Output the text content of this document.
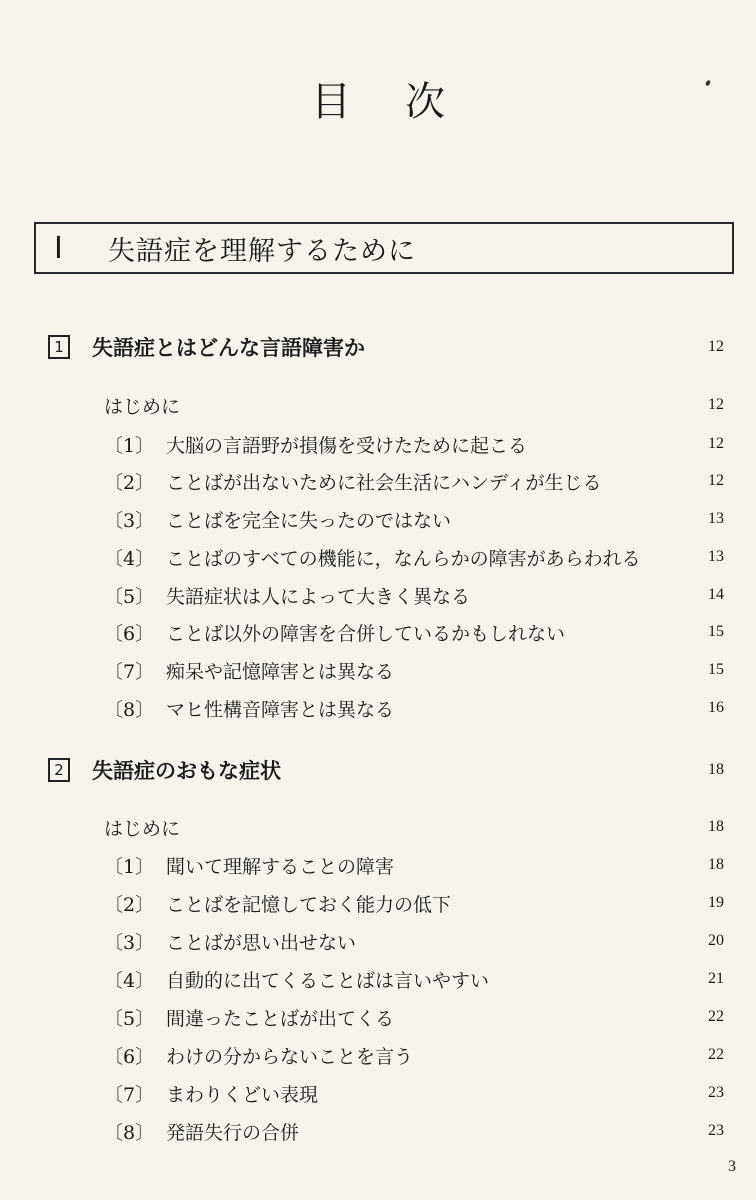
目次
I	失語症を理解するために
1 失語症とはどんな言語障害か	12
はじめに	12
〔1〕 大脳の言語野が損傷を受けたために起こる	12
〔2〕 ことばが出ないために社会生活にハンディが生じる	12
〔3〕 ことばを完全に失ったのではない	13
〔4〕 ことばのすべての機能に，なんらかの障害があらわれる	13
〔5〕 失語症状は人によって大きく異なる	14
〔6〕 ことば以外の障害を合併しているかもしれない	15
〔7〕 痴呆や記憶障害とは異なる	15
〔8〕 マヒ性構音障害とは異なる	16
2 失語症のおもな症状	18
はじめに	18
〔1〕 聞いて理解することの障害	18
〔2〕 ことばを記憶しておく能力の低下	19
〔3〕 ことばが思い出せない	20
〔4〕 自動的に出てくることばは言いやすい	21
〔5〕 間違ったことばが出てくる	22
〔6〕 わけの分からないことを言う	22
〔7〕 まわりくどい表現	23
〔8〕 発語失行の合併	23
3
